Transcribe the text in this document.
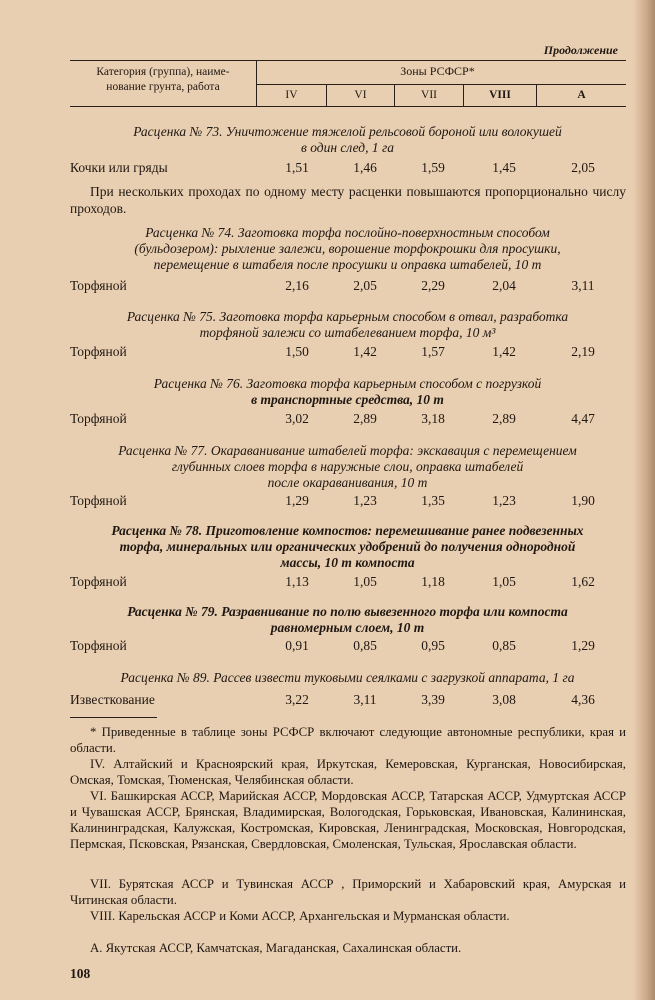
Продолжение
Категория (группа), наиме-
нование грунта, работа
Зоны РСФСР*
IV	VI	VII	VIII	А
Расценка № 73. Уничтожение тяжелой рельсовой бороной или волокушей
в один след, 1 га
Кочки или гряды	1,51	1,46	1,59	1,45	2,05
При нескольких проходах по одному месту расценки повышаются пропорционально числу проходов.
Расценка № 74. Заготовка торфа послойно-поверхностным способом
(бульдозером): рыхление залежи, ворошение торфокрошки для просушки,
перемещение в штабеля после просушки и оправка штабелей, 10 т
Торфяной	2,16	2,05	2,29	2,04	3,11
Расценка № 75. Заготовка торфа карьерным способом в отвал, разработка
торфяной залежи со штабелеванием торфа, 10 м³
Торфяной	1,50	1,42	1,57	1,42	2,19
Расценка № 76. Заготовка торфа карьерным способом с погрузкой
в транспортные средства, 10 т
Торфяной	3,02	2,89	3,18	2,89	4,47
Расценка № 77. Окараванивание штабелей торфа: экскавация с перемещением
глубинных слоев торфа в наружные слои, оправка штабелей
после окараванивания, 10 т
Торфяной	1,29	1,23	1,35	1,23	1,90
Расценка № 78. Приготовление компостов: перемешивание ранее подвезенных
торфа, минеральных или органических удобрений до получения однородной
массы, 10 т компоста
Торфяной	1,13	1,05	1,18	1,05	1,62
Расценка № 79. Разравнивание по полю вывезенного торфа или компоста
равномерным слоем, 10 т
Торфяной	0,91	0,85	0,95	0,85	1,29
Расценка № 89. Рассев извести туковыми сеялками с загрузкой аппарата, 1 га
Известкование	3,22	3,11	3,39	3,08	4,36
* Приведенные в таблице зоны РСФСР включают следующие автономные республики, края и области.
IV. Алтайский и Красноярский края, Иркутская, Кемеровская, Курганская, Новосибирская, Омская, Томская, Тюменская, Челябинская области.
VI. Башкирская АССР, Марийская АССР, Мордовская АССР, Татарская АССР, Удмуртская АССР и Чувашская АССР, Брянская, Владимирская, Вологодская, Горьковская, Ивановская, Калининская, Калининградская, Калужская, Костромская, Кировская, Ленинградская, Московская, Новгородская, Пермская, Псковская, Рязанская, Свердловская, Смоленская, Тульская, Ярославская области.
VII. Бурятская АССР и Тувинская АССР , Приморский и Хабаровский края, Амурская и Читинская области.
VIII. Карельская АССР и Коми АССР, Архангельская и Мурманская области.
А. Якутская АССР, Камчатская, Магаданская, Сахалинская области.
108
